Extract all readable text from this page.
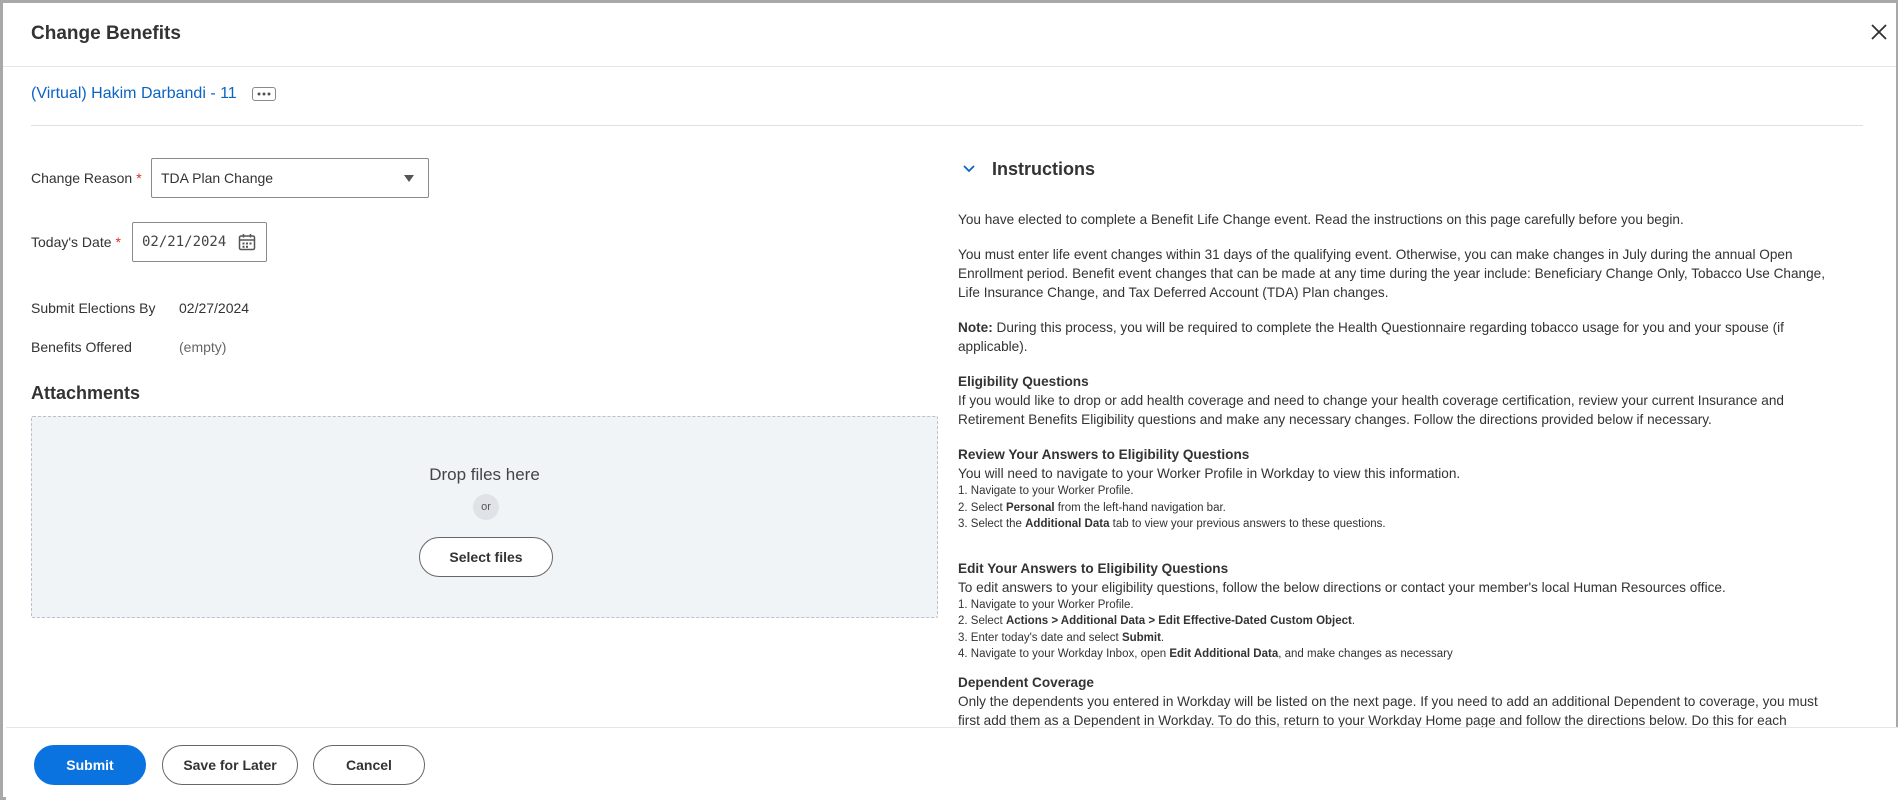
Change Benefits
(Virtual) Hakim Darbandi - 11
Change Reason * TDA Plan Change
Today's Date * 02/21/2024
Submit Elections By 02/27/2024
Benefits Offered	(empty)
Attachments
Drop files here
or
Select files
Instructions

You have elected to complete a Benefit Life Change event. Read the instructions on this page carefully before you begin.

You must enter life event changes within 31 days of the qualifying event. Otherwise, you can make changes in July during the annual Open Enrollment period. Benefit event changes that can be made at any time during the year include: Beneficiary Change Only, Tobacco Use Change, Life Insurance Change, and Tax Deferred Account (TDA) Plan changes.

Note: During this process, you will be required to complete the Health Questionnaire regarding tobacco usage for you and your spouse (if applicable).

Eligibility Questions
If you would like to drop or add health coverage and need to change your health coverage certification, review your current Insurance and Retirement Benefits Eligibility questions and make any necessary changes. Follow the directions provided below if necessary.

Review Your Answers to Eligibility Questions
You will need to navigate to your Worker Profile in Workday to view this information.
1. Navigate to your Worker Profile.
2. Select Personal from the left-hand navigation bar.
3. Select the Additional Data tab to view your previous answers to these questions.
Edit Your Answers to Eligibility Questions
To edit answers to your eligibility questions, follow the below directions or contact your member's local Human Resources office.
1. Navigate to your Worker Profile.
2. Select Actions > Additional Data > Edit Effective-Dated Custom Object.
3. Enter today's date and select Submit.
4. Navigate to your Workday Inbox, open Edit Additional Data, and make changes as necessary
Dependent Coverage
Only the dependents you entered in Workday will be listed on the next page. If you need to add an additional Dependent to coverage, you must first add them as a Dependent in Workday. To do this, return to your Workday Home page and follow the directions below. Do this for each
Submit	Save for Later	Cancel
